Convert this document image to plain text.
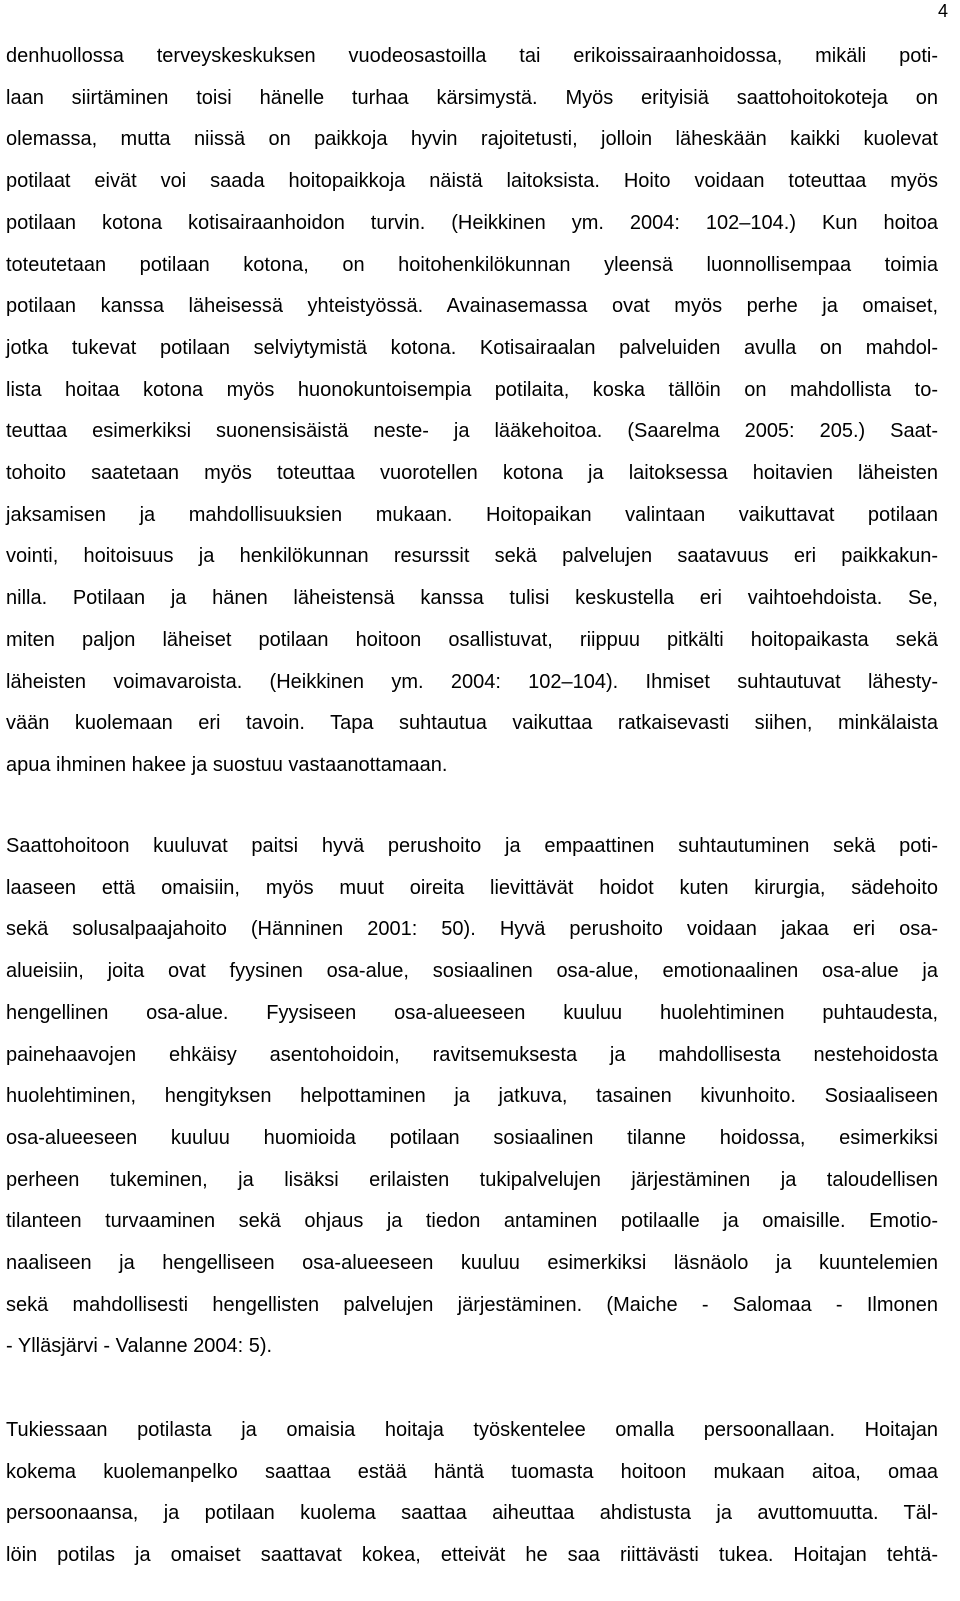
4
denhuollossa terveyskeskuksen vuodeosastoilla tai erikoissairaanhoidossa, mikäli poti-
laan siirtäminen toisi hänelle turhaa kärsimystä. Myös erityisiä saattohoitokoteja on
olemassa, mutta niissä on paikkoja hyvin rajoitetusti, jolloin läheskään kaikki kuolevat
potilaat eivät voi saada hoitopaikkoja näistä laitoksista. Hoito voidaan toteuttaa myös
potilaan kotona kotisairaanhoidon turvin. (Heikkinen ym. 2004: 102–104.) Kun hoitoa
toteutetaan potilaan kotona, on hoitohenkilökunnan yleensä luonnollisempaa toimia
potilaan kanssa läheisessä yhteistyössä. Avainasemassa ovat myös perhe ja omaiset,
jotka tukevat potilaan selviytymistä kotona. Kotisairaalan palveluiden avulla on mahdol-
lista hoitaa kotona myös huonokuntoisempia potilaita, koska tällöin on mahdollista to-
teuttaa esimerkiksi suonensisäistä neste- ja lääkehoitoa. (Saarelma 2005: 205.) Saat-
tohoito saatetaan myös toteuttaa vuorotellen kotona ja laitoksessa hoitavien läheisten
jaksamisen ja mahdollisuuksien mukaan. Hoitopaikan valintaan vaikuttavat potilaan
vointi, hoitoisuus ja henkilökunnan resurssit sekä palvelujen saatavuus eri paikkakun-
nilla. Potilaan ja hänen läheistensä kanssa tulisi keskustella eri vaihtoehdoista. Se,
miten paljon läheiset potilaan hoitoon osallistuvat, riippuu pitkälti hoitopaikasta sekä
läheisten voimavaroista. (Heikkinen ym. 2004: 102–104). Ihmiset suhtautuvat lähesty-
vään kuolemaan eri tavoin. Tapa suhtautua vaikuttaa ratkaisevasti siihen, minkälaista
apua ihminen hakee ja suostuu vastaanottamaan.
Saattohoitoon kuuluvat paitsi hyvä perushoito ja empaattinen suhtautuminen sekä poti-
laaseen että omaisiin, myös muut oireita lievittävät hoidot kuten kirurgia, sädehoito
sekä solusalpaajahoito (Hänninen 2001: 50). Hyvä perushoito voidaan jakaa eri osa-
alueisiin, joita ovat fyysinen osa-alue, sosiaalinen osa-alue, emotionaalinen osa-alue ja
hengellinen osa-alue. Fyysiseen osa-alueeseen kuuluu huolehtiminen puhtaudesta,
painehaavojen ehkäisy asentohoidoin, ravitsemuksesta ja mahdollisesta nestehoidosta
huolehtiminen, hengityksen helpottaminen ja jatkuva, tasainen kivunhoito. Sosiaaliseen
osa-alueeseen kuuluu huomioida potilaan sosiaalinen tilanne hoidossa, esimerkiksi
perheen tukeminen, ja lisäksi erilaisten tukipalvelujen järjestäminen ja taloudellisen
tilanteen turvaaminen sekä ohjaus ja tiedon antaminen potilaalle ja omaisille. Emotio-
naaliseen ja hengelliseen osa-alueeseen kuuluu esimerkiksi läsnäolo ja kuuntelemien
sekä mahdollisesti hengellisten palvelujen järjestäminen. (Maiche - Salomaa - Ilmonen
- Ylläsjärvi - Valanne 2004: 5).
Tukiessaan potilasta ja omaisia hoitaja työskentelee omalla persoonallaan. Hoitajan
kokema kuolemanpelko saattaa estää häntä tuomasta hoitoon mukaan aitoa, omaa
persoonaansa, ja potilaan kuolema saattaa aiheuttaa ahdistusta ja avuttomuutta. Täl-
löin potilas ja omaiset saattavat kokea, etteivät he saa riittävästi tukea. Hoitajan tehtä-
